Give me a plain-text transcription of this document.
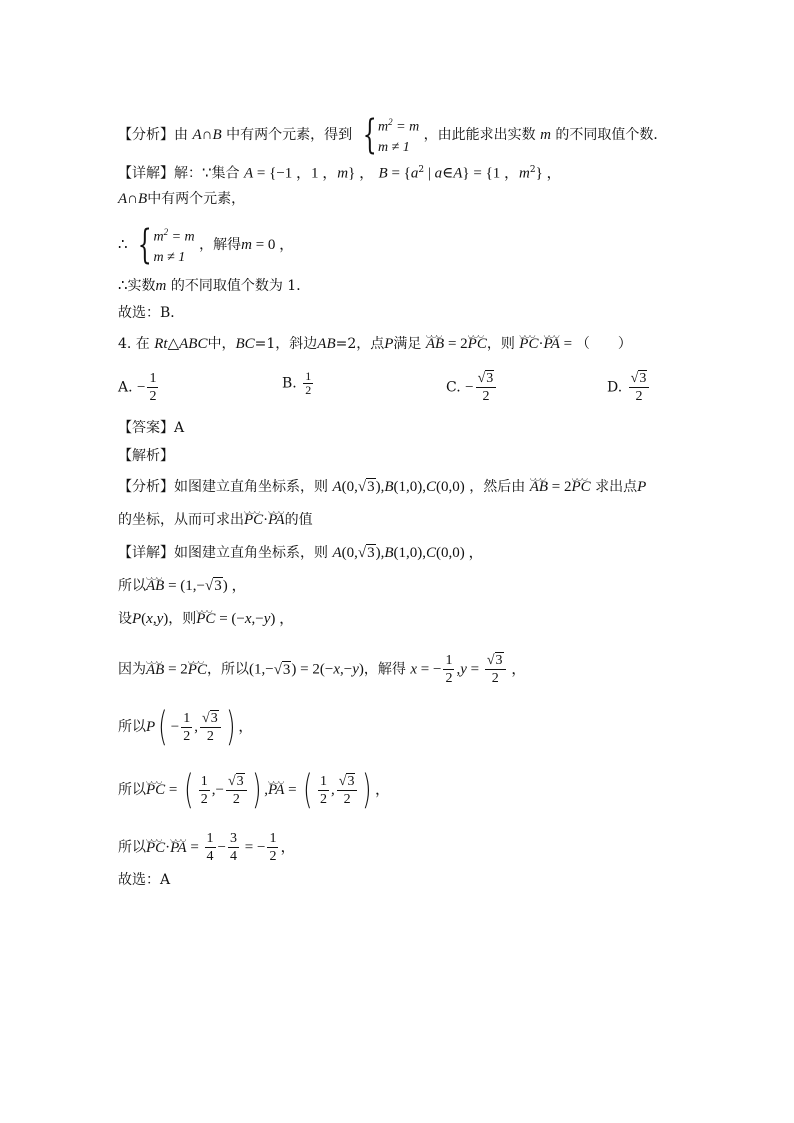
【分析】由 A∩B 中有两个元素，得到 { $m^2 = m$
m ≠ 1
，由此能求出实数 m 的不同取值个数．
【详解】解：∵集合 A = {−1 ，1 ，m} ， $B = \{a^2$ | a∈A} = {1 ，$m^2$} ，
A∩B中有两个元素，
∴ { $m^2 = m$
m ≠ 1
，解得m = 0 ，
∴实数m 的不同取值个数为 1．
故选：B．
4. 在 Rt△ABC中，BC=1，斜边AB=2，点P满足 ◡◡◡ AB = 2◡◡◡ PC，则 ◡◡◡ PC·◡◡◡ PA = （　　）
A. − $\frac{1}{2}$	B. $\frac{1}{2}$	C. − $\frac{√3}{2}$	D. $\frac{√3}{2}$
【答案】A
【解析】
【分析】如图建立直角坐标系，则 A(0,√3),B(1,0),C(0,0) ，然后由 ◡◡◡ AB = 2◡◡◡ PC 求出点P
的坐标，从而可求出◡◡◡ PC·◡◡◡ PA的值
【详解】如图建立直角坐标系，则 A(0,√3),B(1,0),C(0,0) ，
所以◡◡◡ AB = (1,−√3) ，
设P(x,y)，则◡◡◡ PC = (−x,−y) ，
因为◡◡◡ AB = 2◡◡◡ PC，所以(1,−√3) = 2(−x,−y)，解得 x = − $\frac{1}{2} ,y = \frac{√3}{2}$ ，
所以$P( - \frac{1}{2}$ , $\frac{√3}{2}$ ) ，
所以◡◡◡ PC = ( $\frac{1}{2}$ ,− $\frac{√3}{2}$ ) ,◡◡◡ PA = ( $\frac{1}{2}$ , $\frac{√3}{2}$ ) ，
所以◡◡◡ PC·◡◡◡ PA = $\frac{1}{4} - \frac{3}{4}$ = − $\frac{1}{2}$ ，
故选：A
